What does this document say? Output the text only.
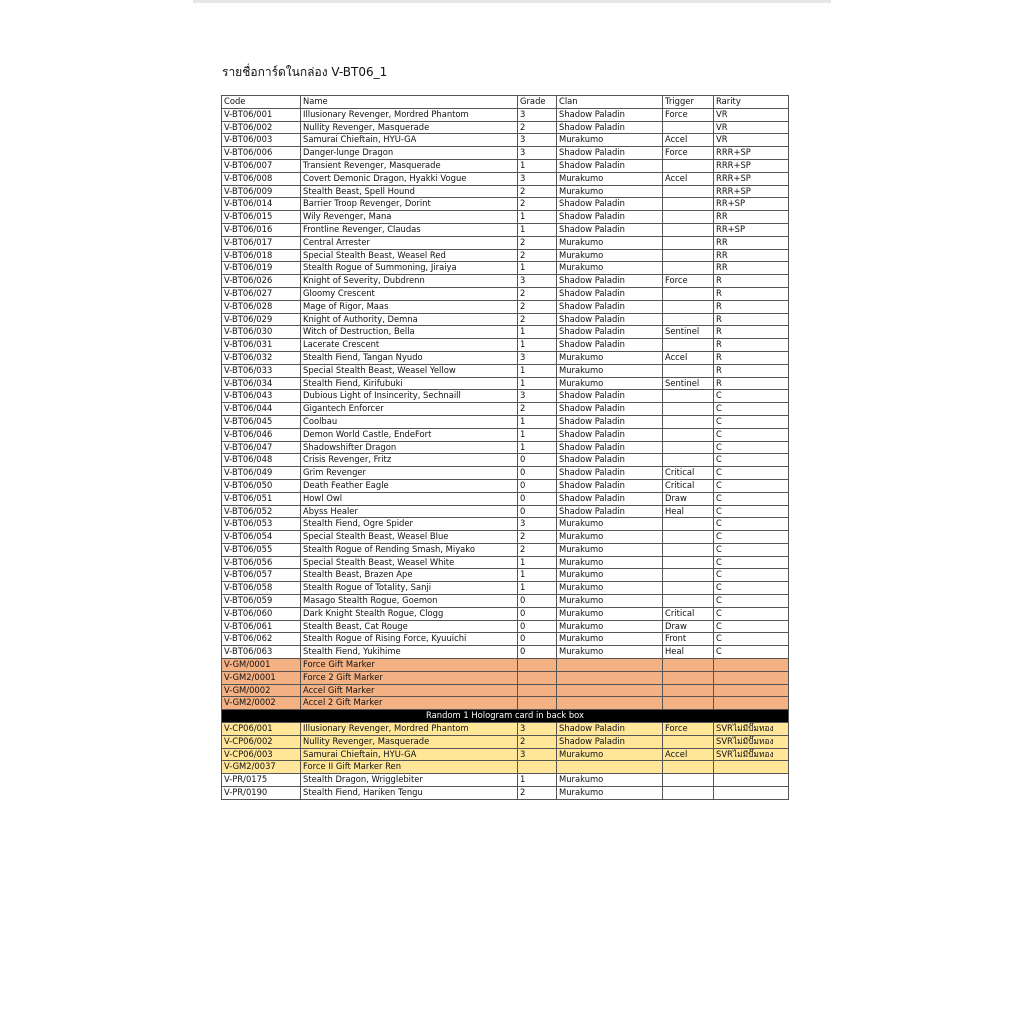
รายชื่อการ์ดในกล่อง V-BT06_1
Code	Name	Grade	Clan	Trigger	Rarity
V-BT06/001	Illusionary Revenger, Mordred Phantom	3	Shadow Paladin	Force	VR
V-BT06/002	Nullity Revenger, Masquerade	2	Shadow Paladin		VR
V-BT06/003	Samurai Chieftain, HYU-GA	3	Murakumo	Accel	VR
V-BT06/006	Danger-lunge Dragon	3	Shadow Paladin	Force	RRR+SP
V-BT06/007	Transient Revenger, Masquerade	1	Shadow Paladin		RRR+SP
V-BT06/008	Covert Demonic Dragon, Hyakki Vogue	3	Murakumo	Accel	RRR+SP
V-BT06/009	Stealth Beast, Spell Hound	2	Murakumo		RRR+SP
V-BT06/014	Barrier Troop Revenger, Dorint	2	Shadow Paladin		RR+SP
V-BT06/015	Wily Revenger, Mana	1	Shadow Paladin		RR
V-BT06/016	Frontline Revenger, Claudas	1	Shadow Paladin		RR+SP
V-BT06/017	Central Arrester	2	Murakumo		RR
V-BT06/018	Special Stealth Beast, Weasel Red	2	Murakumo		RR
V-BT06/019	Stealth Rogue of Summoning, Jiraiya	1	Murakumo		RR
V-BT06/026	Knight of Severity, Dubdrenn	3	Shadow Paladin	Force	R
V-BT06/027	Gloomy Crescent	2	Shadow Paladin		R
V-BT06/028	Mage of Rigor, Maas	2	Shadow Paladin		R
V-BT06/029	Knight of Authority, Demna	2	Shadow Paladin		R
V-BT06/030	Witch of Destruction, Bella	1	Shadow Paladin	Sentinel	R
V-BT06/031	Lacerate Crescent	1	Shadow Paladin		R
V-BT06/032	Stealth Fiend, Tangan Nyudo	3	Murakumo	Accel	R
V-BT06/033	Special Stealth Beast, Weasel Yellow	1	Murakumo		R
V-BT06/034	Stealth Fiend, Kirifubuki	1	Murakumo	Sentinel	R
V-BT06/043	Dubious Light of Insincerity, Sechnaill	3	Shadow Paladin		C
V-BT06/044	Gigantech Enforcer	2	Shadow Paladin		C
V-BT06/045	Coolbau	1	Shadow Paladin		C
V-BT06/046	Demon World Castle, EndeFort	1	Shadow Paladin		C
V-BT06/047	Shadowshifter Dragon	1	Shadow Paladin		C
V-BT06/048	Crisis Revenger, Fritz	0	Shadow Paladin		C
V-BT06/049	Grim Revenger	0	Shadow Paladin	Critical	C
V-BT06/050	Death Feather Eagle	0	Shadow Paladin	Critical	C
V-BT06/051	Howl Owl	0	Shadow Paladin	Draw	C
V-BT06/052	Abyss Healer	0	Shadow Paladin	Heal	C
V-BT06/053	Stealth Fiend, Ogre Spider	3	Murakumo		C
V-BT06/054	Special Stealth Beast, Weasel Blue	2	Murakumo		C
V-BT06/055	Stealth Rogue of Rending Smash, Miyako	2	Murakumo		C
V-BT06/056	Special Stealth Beast, Weasel White	1	Murakumo		C
V-BT06/057	Stealth Beast, Brazen Ape	1	Murakumo		C
V-BT06/058	Stealth Rogue of Totality, Sanji	1	Murakumo		C
V-BT06/059	Masago Stealth Rogue, Goemon	0	Murakumo		C
V-BT06/060	Dark Knight Stealth Rogue, Clogg	0	Murakumo	Critical	C
V-BT06/061	Stealth Beast, Cat Rouge	0	Murakumo	Draw	C
V-BT06/062	Stealth Rogue of Rising Force, Kyuuichi	0	Murakumo	Front	C
V-BT06/063	Stealth Fiend, Yukihime	0	Murakumo	Heal	C
V-GM/0001	Force Gift Marker				
V-GM2/0001	Force 2 Gift Marker				
V-GM/0002	Accel Gift Marker				
V-GM2/0002	Accel 2 Gift Marker				
Random 1 Hologram card in back box					
V-CP06/001	Illusionary Revenger, Mordred Phantom	3	Shadow Paladin	Force	SVRไม่มีปั๊มทอง
V-CP06/002	Nullity Revenger, Masquerade	2	Shadow Paladin		SVRไม่มีปั๊มทอง
V-CP06/003	Samurai Chieftain, HYU-GA	3	Murakumo	Accel	SVRไม่มีปั๊มทอง
V-GM2/0037	Force II Gift Marker Ren				
V-PR/0175	Stealth Dragon, Wrigglebiter	1	Murakumo		
V-PR/0190	Stealth Fiend, Hariken Tengu	2	Murakumo		
